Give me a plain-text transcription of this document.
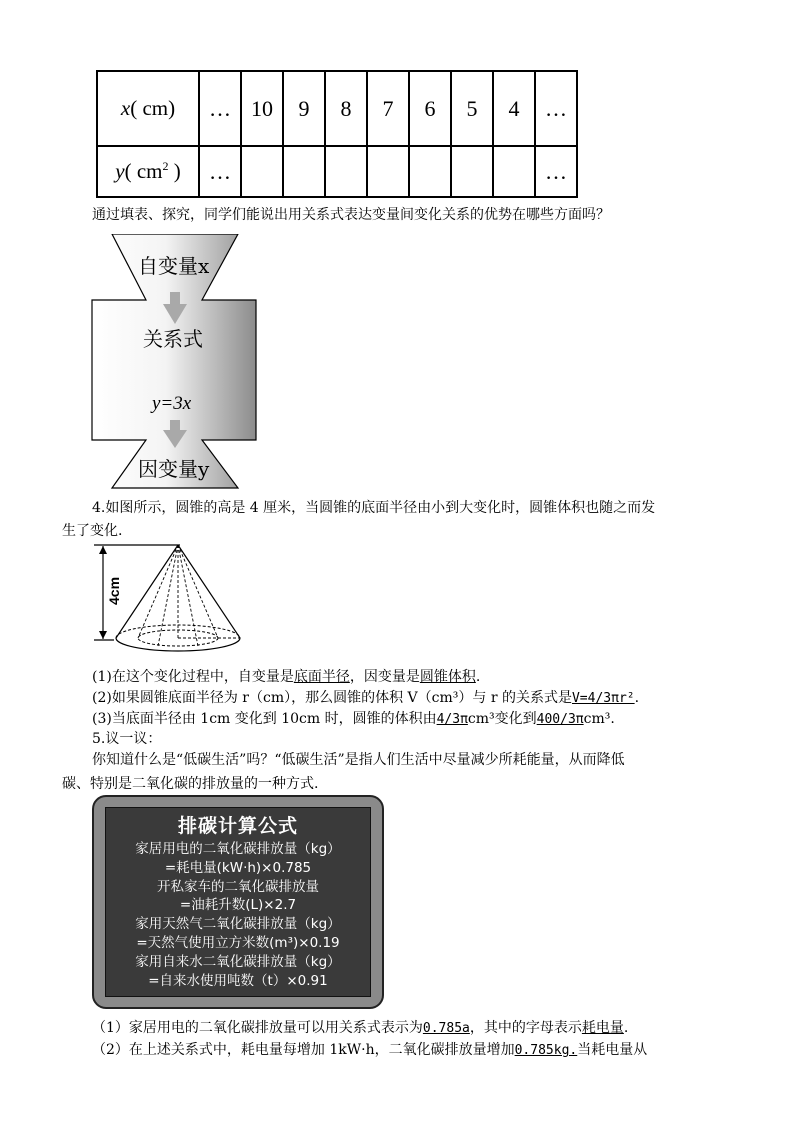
x( cm)	…	10	9	8	7	6	5	4	…
y( $cm^2$ )	…								…
通过填表、探究，同学们能说出用关系式表达变量间变化关系的优势在哪些方面吗？
自变量x
关系式
y=3x
因变量y
4.如图所示，圆锥的高是 4 厘米，当圆锥的底面半径由小到大变化时，圆锥体积也随之而发
生了变化.
4cm
(1)在这个变化过程中，自变量是底面半径，因变量是圆锥体积.
(2)如果圆锥底面半径为 r（cm），那么圆锥的体积 V（cm³）与 r 的关系式是V=4/3πr².
(3)当底面半径由 1cm 变化到 10cm 时，圆锥的体积由4/3πcm³变化到400/3πcm³.
5.议一议：
你知道什么是“低碳生活”吗？“低碳生活”是指人们生活中尽量减少所耗能量，从而降低
碳、特别是二氧化碳的排放量的一种方式.
排碳计算公式
家居用电的二氧化碳排放量（kg）
=耗电量(kW·h)×0.785
开私家车的二氧化碳排放量
=油耗升数(L)×2.7
家用天然气二氧化碳排放量（kg）
=天然气使用立方米数(m³)×0.19
家用自来水二氧化碳排放量（kg）
=自来水使用吨数（t）×0.91
（1）家居用电的二氧化碳排放量可以用关系式表示为0.785a，其中的字母表示耗电量.
（2）在上述关系式中，耗电量每增加 1kW·h，二氧化碳排放量增加0.785kg.当耗电量从
